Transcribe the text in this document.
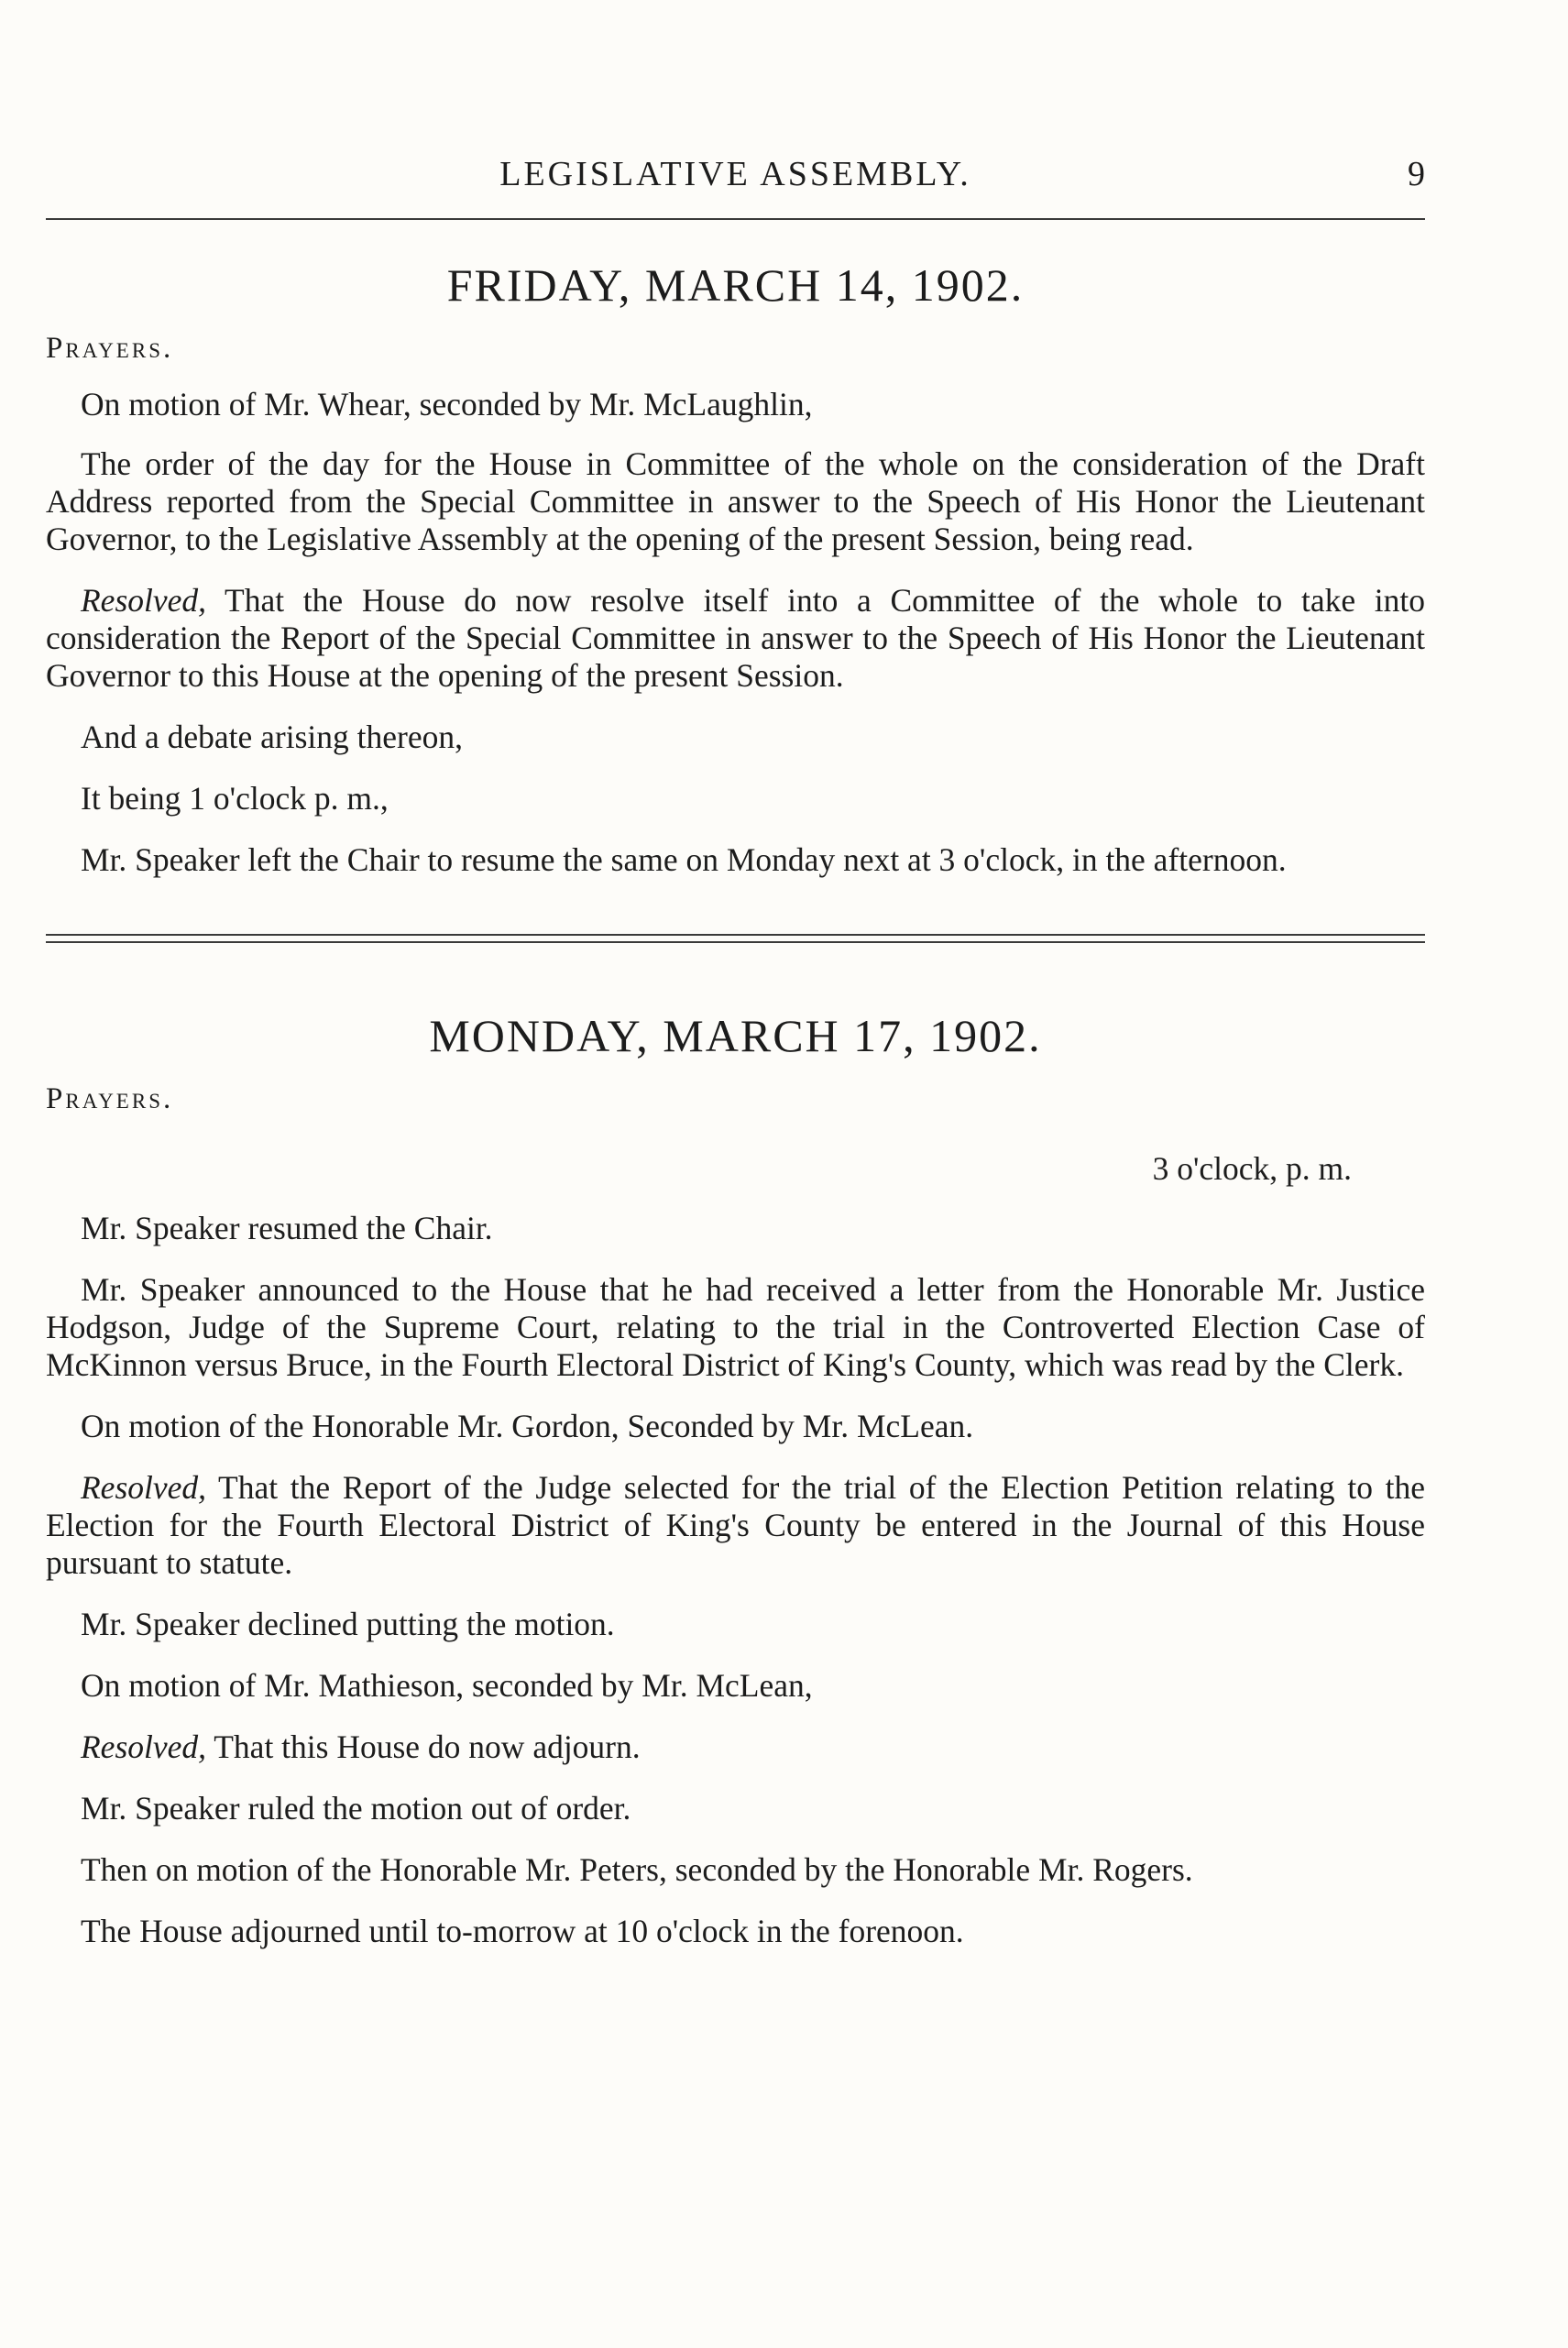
LEGISLATIVE ASSEMBLY.	9
FRIDAY, MARCH 14, 1902.

Prayers.

On motion of Mr. Whear, seconded by Mr. McLaughlin,

The order of the day for the House in Committee of the whole on the consideration of the Draft Address reported from the Special Committee in answer to the Speech of His Honor the Lieutenant Governor, to the Legislative Assembly at the opening of the present Session, being read.

Resolved, That the House do now resolve itself into a Committee of the whole to take into consideration the Report of the Special Committee in answer to the Speech of His Honor the Lieutenant Governor to this House at the opening of the present Session.

And a debate arising thereon,

It being 1 o'clock p. m.,

Mr. Speaker left the Chair to resume the same on Monday next at 3 o'clock, in the afternoon.

MONDAY, MARCH 17, 1902.

Prayers.

3 o'clock, p. m.

Mr. Speaker resumed the Chair.

Mr. Speaker announced to the House that he had received a letter from the Honorable Mr. Justice Hodgson, Judge of the Supreme Court, relating to the trial in the Controverted Election Case of McKinnon versus Bruce, in the Fourth Electoral District of King's County, which was read by the Clerk.

On motion of the Honorable Mr. Gordon, Seconded by Mr. McLean.

Resolved, That the Report of the Judge selected for the trial of the Election Petition relating to the Election for the Fourth Electoral District of King's County be entered in the Journal of this House pursuant to statute.

Mr. Speaker declined putting the motion.

On motion of Mr. Mathieson, seconded by Mr. McLean,

Resolved, That this House do now adjourn.

Mr. Speaker ruled the motion out of order.

Then on motion of the Honorable Mr. Peters, seconded by the Honorable Mr. Rogers.

The House adjourned until to-morrow at 10 o'clock in the forenoon.
